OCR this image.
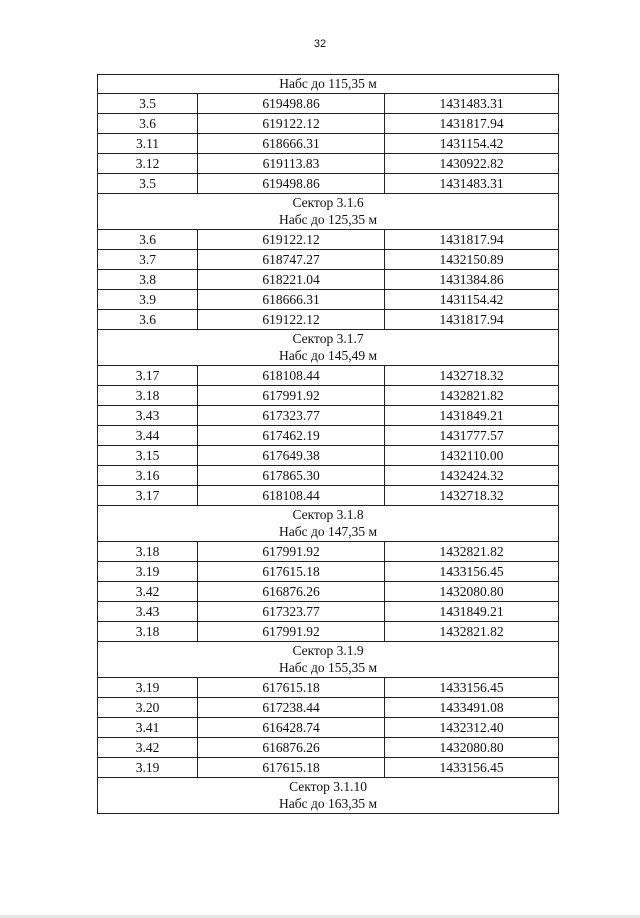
32
Набс до 115,35 м		

3.5	619498.86	1431483.31
3.6	619122.12	1431817.94
3.11	618666.31	1431154.42
3.12	619113.83	1430922.82
3.5	619498.86	1431483.31

Сектор 3.1.6
Набс до 125,35 м		

3.6	619122.12	1431817.94
3.7	618747.27	1432150.89
3.8	618221.04	1431384.86
3.9	618666.31	1431154.42
3.6	619122.12	1431817.94

Сектор 3.1.7
Набс до 145,49 м		

3.17	618108.44	1432718.32
3.18	617991.92	1432821.82
3.43	617323.77	1431849.21
3.44	617462.19	1431777.57
3.15	617649.38	1432110.00
3.16	617865.30	1432424.32
3.17	618108.44	1432718.32

Сектор 3.1.8
Набс до 147,35 м		

3.18	617991.92	1432821.82
3.19	617615.18	1433156.45
3.42	616876.26	1432080.80
3.43	617323.77	1431849.21
3.18	617991.92	1432821.82

Сектор 3.1.9
Набс до 155,35 м		

3.19	617615.18	1433156.45
3.20	617238.44	1433491.08
3.41	616428.74	1432312.40
3.42	616876.26	1432080.80
3.19	617615.18	1433156.45

Сектор 3.1.10
Набс до 163,35 м		
